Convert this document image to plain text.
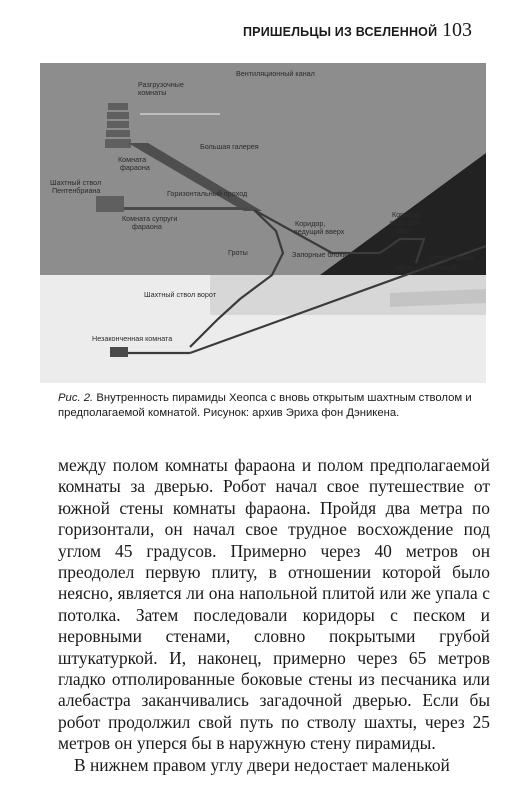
ПРИШЕЛЬЦЫ ИЗ ВСЕЛЕННОЙ 103
Разгрузочные комнаты
Вентиляционный канал
Комната фараона
Большая галерея
Шахтный ствол Пентенбриана	Горизонтальный проход
Комната супруги фараона	Коридор, ведущий вверх
Коридор, ведущий вниз
Гроты	Запорные блоки	Сегодняшний проход (пробитый)
Шахтный ствол ворот
Незаконченная комната
Рис. 2. Внутренность пирамиды Хеопса с вновь открытым шахтным стволом и предполагаемой комнатой. Рисунок: архив Эриха фон Дэникена.

между полом комнаты фараона и полом предполагаемой комнаты за дверью. Робот начал свое путешествие от южной стены комнаты фараона. Пройдя два метра по горизонтали, он начал свое трудное восхождение под углом 45 градусов. Примерно через 40 метров он преодолел первую плиту, в отношении которой было неясно, является ли она напольной плитой или же упала с потолка. Затем последовали коридоры с песком и неровными стенами, словно покрытыми грубой штукатуркой. И, наконец, примерно через 65 метров гладко отполированные боковые стены из песчаника или алебастра заканчивались загадочной дверью. Если бы робот продолжил свой путь по стволу шахты, через 25 метров он уперся бы в наружную стену пирамиды.

В нижнем правом углу двери недостает маленькой
